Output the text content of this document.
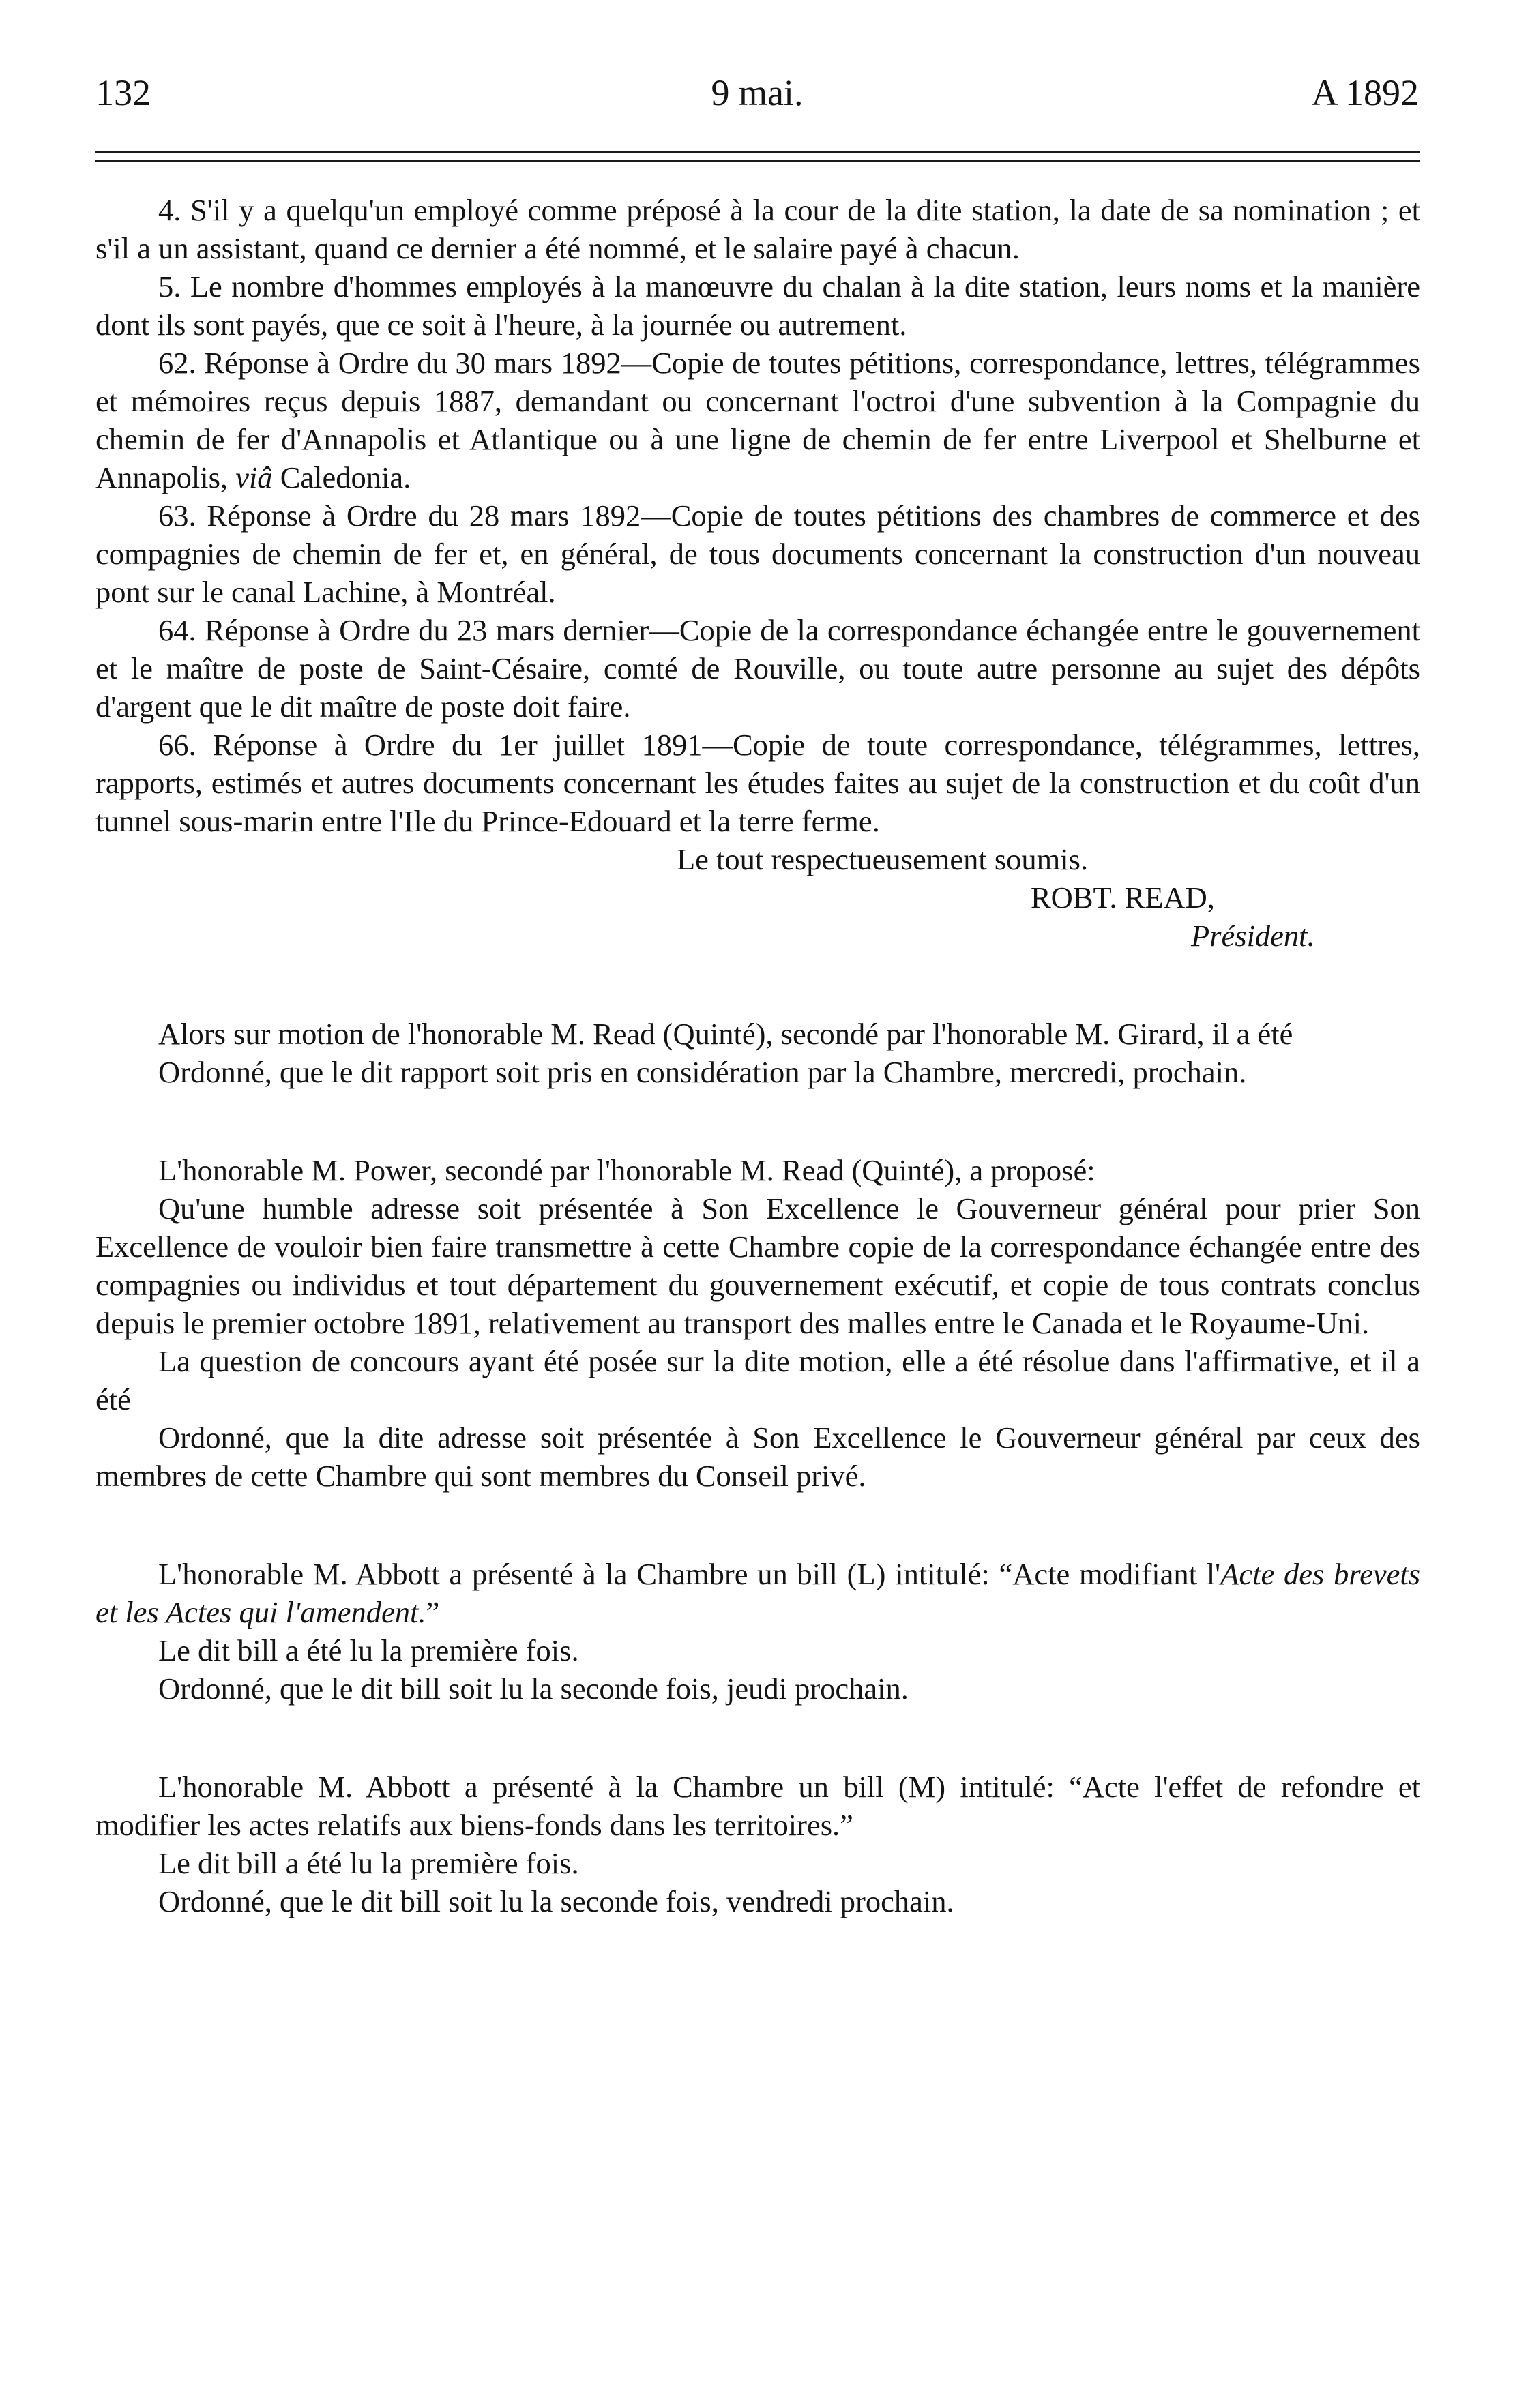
132	9 mai.	A 1892

4. S'il y a quelqu'un employé comme préposé à la cour de la dite station, la date de sa nomination ; et s'il a un assistant, quand ce dernier a été nommé, et le salaire payé à chacun.

5. Le nombre d'hommes employés à la manœuvre du chalan à la dite station, leurs noms et la manière dont ils sont payés, que ce soit à l'heure, à la journée ou autrement.

62. Réponse à Ordre du 30 mars 1892—Copie de toutes pétitions, correspondance, lettres, télégrammes et mémoires reçus depuis 1887, demandant ou concernant l'octroi d'une subvention à la Compagnie du chemin de fer d'Annapolis et Atlantique ou à une ligne de chemin de fer entre Liverpool et Shelburne et Annapolis, viâ Caledonia.

63. Réponse à Ordre du 28 mars 1892—Copie de toutes pétitions des chambres de commerce et des compagnies de chemin de fer et, en général, de tous documents concernant la construction d'un nouveau pont sur le canal Lachine, à Montréal.

64. Réponse à Ordre du 23 mars dernier—Copie de la correspondance échangée entre le gouvernement et le maître de poste de Saint-Césaire, comté de Rouville, ou toute autre personne au sujet des dépôts d'argent que le dit maître de poste doit faire.

66. Réponse à Ordre du 1er juillet 1891—Copie de toute correspondance, télégrammes, lettres, rapports, estimés et autres documents concernant les études faites au sujet de la construction et du coût d'un tunnel sous-marin entre l'Ile du Prince-Edouard et la terre ferme.

Le tout respectueusement soumis.

ROBT. READ,

Président.

Alors sur motion de l'honorable M. Read (Quinté), secondé par l'honorable M. Girard, il a été

Ordonné, que le dit rapport soit pris en considération par la Chambre, mercredi, prochain.

L'honorable M. Power, secondé par l'honorable M. Read (Quinté), a proposé:

Qu'une humble adresse soit présentée à Son Excellence le Gouverneur général pour prier Son Excellence de vouloir bien faire transmettre à cette Chambre copie de la correspondance échangée entre des compagnies ou individus et tout département du gouvernement exécutif, et copie de tous contrats conclus depuis le premier octobre 1891, relativement au transport des malles entre le Canada et le Royaume-Uni.

La question de concours ayant été posée sur la dite motion, elle a été résolue dans l'affirmative, et il a été

Ordonné, que la dite adresse soit présentée à Son Excellence le Gouverneur général par ceux des membres de cette Chambre qui sont membres du Conseil privé.

L'honorable M. Abbott a présenté à la Chambre un bill (L) intitulé: “Acte modifiant l'Acte des brevets et les Actes qui l'amendent.”

Le dit bill a été lu la première fois.

Ordonné, que le dit bill soit lu la seconde fois, jeudi prochain.

L'honorable M. Abbott a présenté à la Chambre un bill (M) intitulé: “Acte l'effet de refondre et modifier les actes relatifs aux biens-fonds dans les territoires.”

Le dit bill a été lu la première fois.

Ordonné, que le dit bill soit lu la seconde fois, vendredi prochain.
